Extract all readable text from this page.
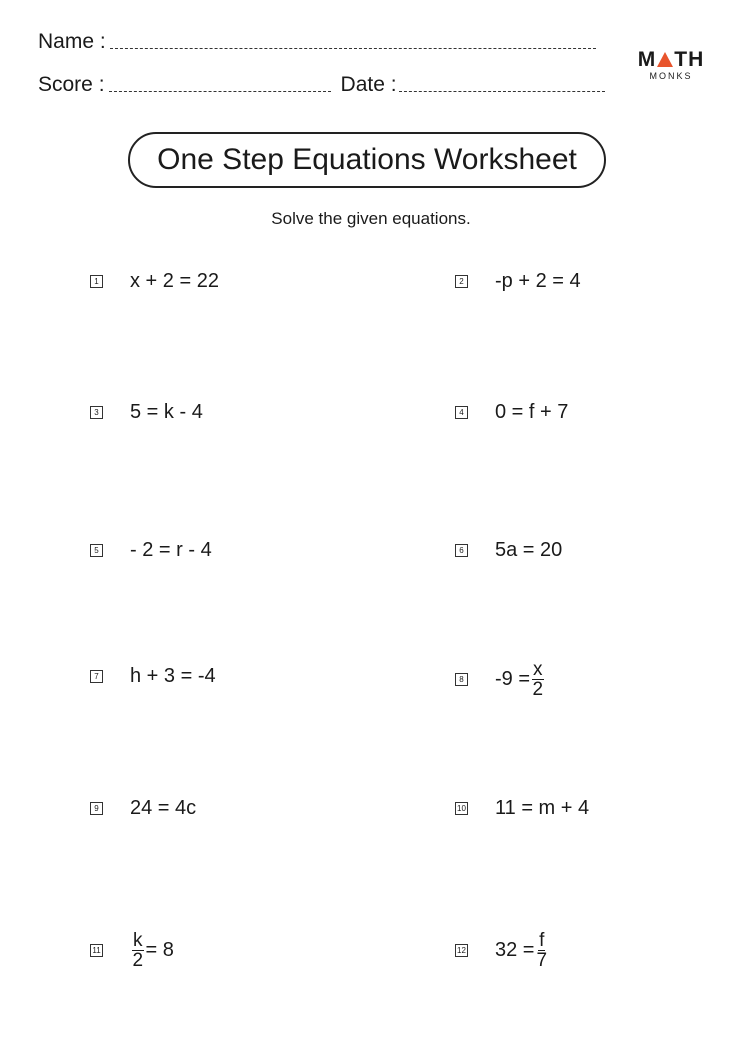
Name :
Score :	Date :
M TH
MONKS
One Step Equations Worksheet
Solve the given equations.
1 x + 2 = 22	2 -p + 2 = 4
3 5 = k - 4	4 0 = f + 7
5 - 2 = r - 4	6 5a = 20
7 h + 3 = -4	8 $-9 = \frac{x}{2}$
9 24 = 4c	10 11 = m + 4
$11 \frac{k}{2} = 8$	12 $32 = \frac{f}{7}$
